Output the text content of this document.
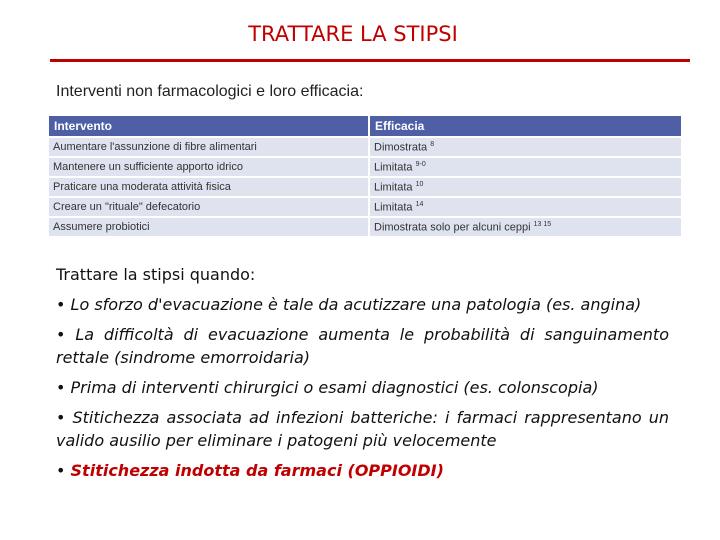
TRATTARE LA STIPSI
Interventi non farmacologici e loro efficacia:
Intervento	Efficacia
Aumentare l'assunzione di fibre alimentari	Dimostrata $^8$
Mantenere un sufficiente apporto idrico	Limitata $^{9-0}$
Praticare una moderata attività fisica	Limitata $^{10}$
Creare un "rituale" defecatorio	Limitata $^{14}$
Assumere probiotici	Dimostrata solo per alcuni ceppi $^{13 15}$

Trattare la stipsi quando:

• Lo sforzo d'evacuazione è tale da acutizzare una patologia (es. angina)

• La difficoltà di evacuazione aumenta le probabilità di sanguinamento rettale (sindrome emorroidaria)

• Prima di interventi chirurgici o esami diagnostici (es. colonscopia)

• Stitichezza associata ad infezioni batteriche: i farmaci rappresentano un valido ausilio per eliminare i patogeni più velocemente

• Stitichezza indotta da farmaci (OPPIOIDI)
